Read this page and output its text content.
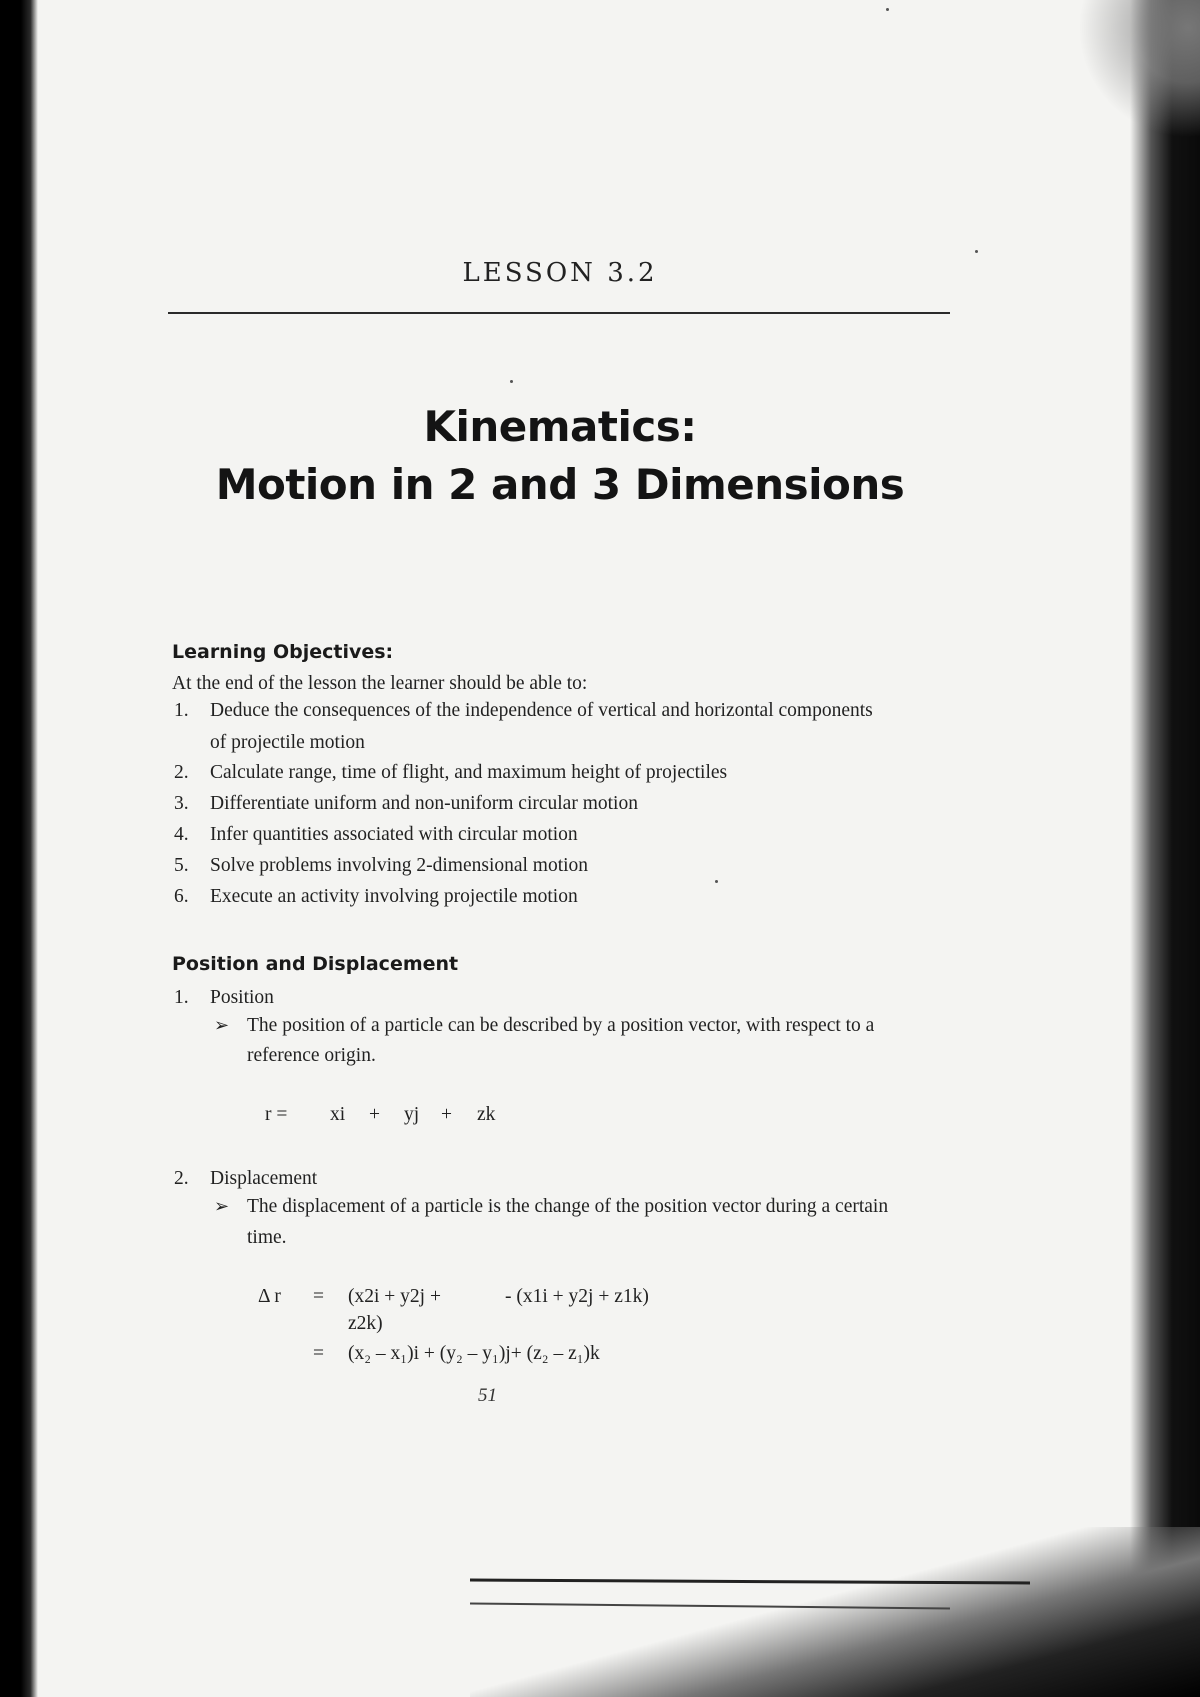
LESSON 3.2
Kinematics:
Motion in 2 and 3 Dimensions
Learning Objectives:
At the end of the lesson the learner should be able to:
1. Deduce the consequences of the independence of vertical and horizontal components
of projectile motion
2. Calculate range, time of flight, and maximum height of projectiles
3. Differentiate uniform and non-uniform circular motion
4. Infer quantities associated with circular motion
5. Solve problems involving 2-dimensional motion
6. Execute an activity involving projectile motion
Position and Displacement
1. Position
➢ The position of a particle can be described by a position vector, with respect to a
reference origin.
r = xi + yj + zk
2. Displacement
➢ The displacement of a particle is the change of the position vector during a certain
time.
Δ r = (x2i + y2j +	- (x1i + y2j + z1k)
z2k)
= (x₂ – x₁)i + (y₂ – y₁)j+ (z₂ – z₁)k
51
